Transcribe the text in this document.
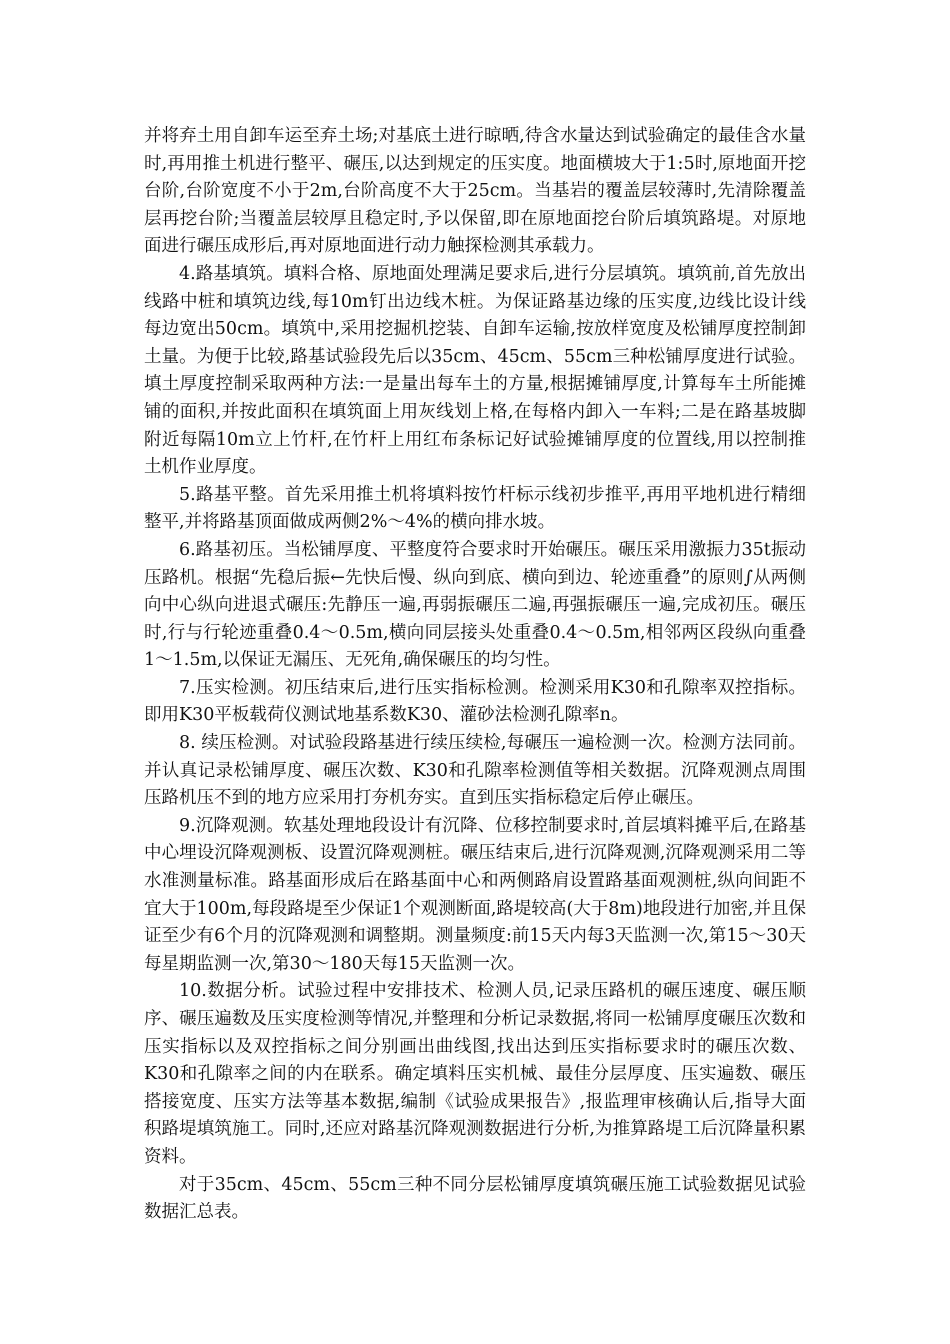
并将弃土用自卸车运至弃土场;对基底土进行晾晒,待含水量达到试验确定的最佳含水量时,再用推土机进行整平、碾压,以达到规定的压实度。地面横坡大于1:5时,原地面开挖台阶,台阶宽度不小于2m,台阶高度不大于25cm。当基岩的覆盖层较薄时,先清除覆盖层再挖台阶;当覆盖层较厚且稳定时,予以保留,即在原地面挖台阶后填筑路堤。对原地面进行碾压成形后,再对原地面进行动力触探检测其承载力。

4.路基填筑。填料合格、原地面处理满足要求后,进行分层填筑。填筑前,首先放出线路中桩和填筑边线,每10m钉出边线木桩。为保证路基边缘的压实度,边线比设计线每边宽出50cm。填筑中,采用挖掘机挖装、自卸车运输,按放样宽度及松铺厚度控制卸土量。为便于比较,路基试验段先后以35cm、45cm、55cm三种松铺厚度进行试验。填土厚度控制采取两种方法:一是量出每车土的方量,根据摊铺厚度,计算每车土所能摊铺的面积,并按此面积在填筑面上用灰线划上格,在每格内卸入一车料;二是在路基坡脚附近每隔10m立上竹杆,在竹杆上用红布条标记好试验摊铺厚度的位置线,用以控制推土机作业厚度。

5.路基平整。首先采用推土机将填料按竹杆标示线初步推平,再用平地机进行精细整平,并将路基顶面做成两侧2%～4%的横向排水坡。

6.路基初压。当松铺厚度、平整度符合要求时开始碾压。碾压采用激振力35t振动压路机。根据“先稳后振←先快后慢、纵向到底、横向到边、轮迹重叠”的原则∫从两侧向中心纵向进退式碾压:先静压一遍,再弱振碾压二遍,再强振碾压一遍,完成初压。碾压时,行与行轮迹重叠0.4～0.5m,横向同层接头处重叠0.4～0.5m,相邻两区段纵向重叠1～1.5m,以保证无漏压、无死角,确保碾压的均匀性。

7.压实检测。初压结束后,进行压实指标检测。检测采用K30和孔隙率双控指标。即用K30平板载荷仪测试地基系数K30、灌砂法检测孔隙率n。

8. 续压检测。对试验段路基进行续压续检,每碾压一遍检测一次。检测方法同前。并认真记录松铺厚度、碾压次数、K30和孔隙率检测值等相关数据。沉降观测点周围压路机压不到的地方应采用打夯机夯实。直到压实指标稳定后停止碾压。

9.沉降观测。软基处理地段设计有沉降、位移控制要求时,首层填料摊平后,在路基中心埋设沉降观测板、设置沉降观测桩。碾压结束后,进行沉降观测,沉降观测采用二等水准测量标准。路基面形成后在路基面中心和两侧路肩设置路基面观测桩,纵向间距不宜大于100m,每段路堤至少保证1个观测断面,路堤较高(大于8m)地段进行加密,并且保证至少有6个月的沉降观测和调整期。测量频度:前15天内每3天监测一次,第15～30天每星期监测一次,第30～180天每15天监测一次。

10.数据分析。试验过程中安排技术、检测人员,记录压路机的碾压速度、碾压顺序、碾压遍数及压实度检测等情况,并整理和分析记录数据,将同一松铺厚度碾压次数和压实指标以及双控指标之间分别画出曲线图,找出达到压实指标要求时的碾压次数、K30和孔隙率之间的内在联系。确定填料压实机械、最佳分层厚度、压实遍数、碾压搭接宽度、压实方法等基本数据,编制《试验成果报告》,报监理审核确认后,指导大面积路堤填筑施工。同时,还应对路基沉降观测数据进行分析,为推算路堤工后沉降量积累资料。

对于35cm、45cm、55cm三种不同分层松铺厚度填筑碾压施工试验数据见试验数据汇总表。
